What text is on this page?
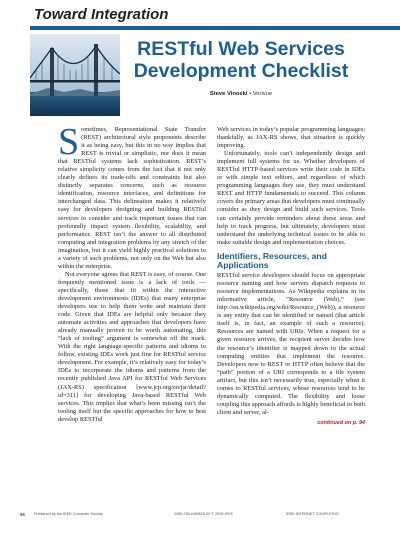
Toward Integration
RESTful Web Services Development Checklist
Steve Vinoski • Verivue

Sometimes, Representational State Transfer (REST) architectural style proponents describe it as being easy, but this in no way implies that REST is trivial or simplistic, nor does it mean that RESTful systems lack sophistication. REST’s relative simplicity comes from the fact that it not only clearly defines its trade-offs and constraints but also distinctly separates concerns, such as resource identification, resource interfaces, and definitions for interchanged data. This delineation makes it relatively easy for developers designing and building RESTful services to consider and track important issues that can profoundly impact system flexibility, scalability, and performance. REST isn’t the answer to all distributed computing and integration problems by any stretch of the imagination, but it can yield highly practical solutions to a variety of such problems, not only on the Web but also within the enterprise.

Not everyone agrees that REST is easy, of course. One frequently mentioned issue is a lack of tools — specifically, those that fit within the interactive development environments (IDEs) that many enterprise developers use to help them write and maintain their code. Given that IDEs are helpful only because they automate activities and approaches that developers have already manually proven to be worth automating, this “lack of tooling” argument is somewhat off the mark. With the right language-specific patterns and idioms to follow, existing IDEs work just fine for RESTful service development. For example, it’s relatively easy for today’s IDEs to incorporate the idioms and patterns from the recently published Java API for RESTful Web Services (JAX-RS) specification [www.jcp.org/en/jsr/detail?id=311] for developing Java-based RESTful Web services. This implies that what’s been missing isn’t the tooling itself but the specific approaches for how to best develop RESTful

Web services in today’s popular programming languages; thankfully, as JAX-RS shows, that situation is quickly improving.

Unfortunately, tools can’t independently design and implement full systems for us. Whether developers of RESTful HTTP-based services write their code in IDEs or with simple text editors, and regardless of which programming languages they use, they must understand REST and HTTP fundamentals to succeed. This column covers the primary areas that developers must continually consider as they design and build such services. Tools can certainly provide reminders about these areas and help to track progress, but ultimately, developers must understand the underlying technical issues to be able to make suitable design and implementation choices.

Identifiers, Resources, and Applications

RESTful service developers should focus on appropriate resource naming and how servers dispatch requests to resource implementations. As Wikipedia explains in its informative article, “Resource (Web),” (see http://en.wikipedia.org/wiki/Resource_(Web)), a resource is any entity that can be identified or named (that article itself is, in fact, an example of such a resource). Resources are named with URIs. When a request for a given resource arrives, the recipient server decides how the resource’s identifier is mapped down to the actual computing entities that implement the resource. Developers new to REST or HTTP often believe that the “path” portion of a URI corresponds to a file system artifact, but this isn’t necessarily true, especially when it comes to RESTful services, whose resources tend to be dynamically computed. The flexibility and loose coupling this approach affords is highly beneficial to both client and server, al-

continued on p. 94
96 Published by the IEEE Computer Society	1089-7801/08/$25.00 © 2008 IEEE	IEEE INTERNET COMPUTING
